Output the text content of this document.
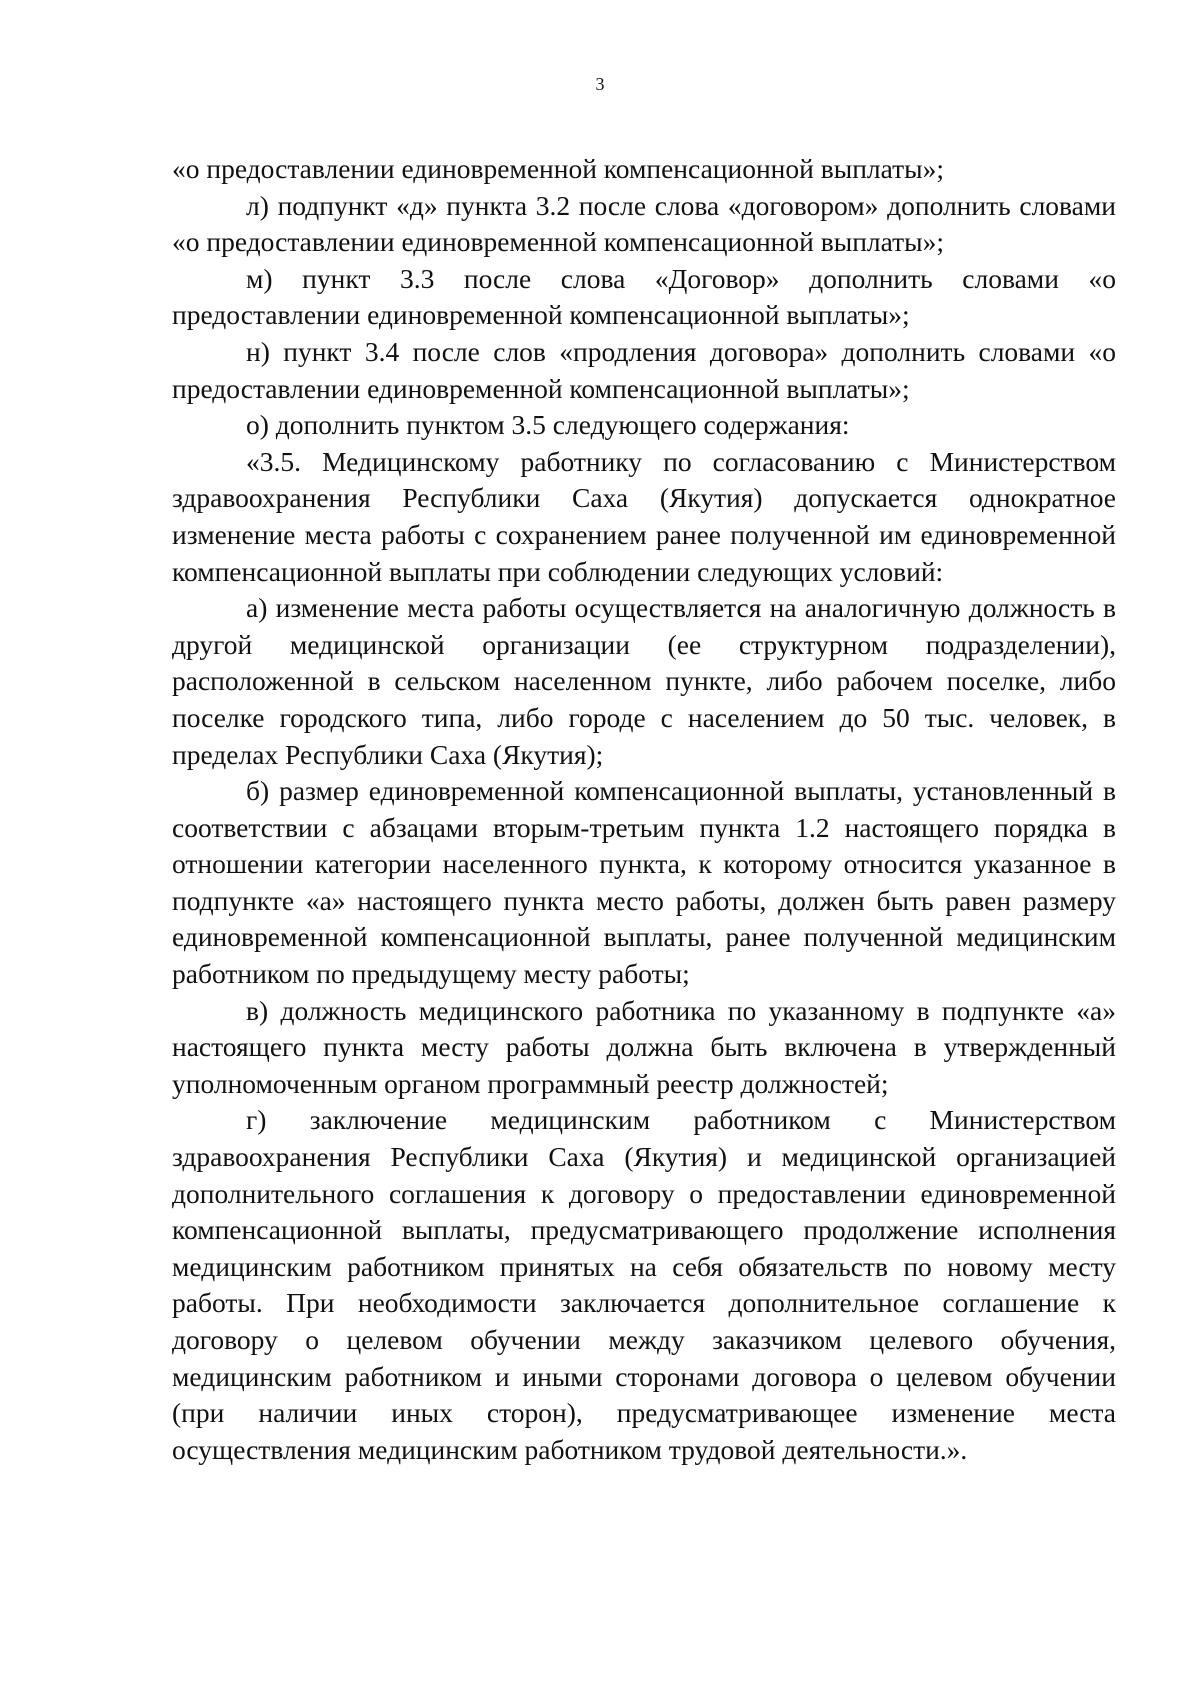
3

«о предоставлении единовременной компенсационной выплаты»;

л) подпункт «д» пункта 3.2 после слова «договором» дополнить словами «о предоставлении единовременной компенсационной выплаты»;

м) пункт 3.3 после слова «Договор» дополнить словами «о предоставлении единовременной компенсационной выплаты»;

н) пункт 3.4 после слов «продления договора» дополнить словами «о предоставлении единовременной компенсационной выплаты»;

о) дополнить пунктом 3.5 следующего содержания:

«3.5. Медицинскому работнику по согласованию с Министерством здравоохранения Республики Саха (Якутия) допускается однократное изменение места работы с сохранением ранее полученной им единовременной компенсационной выплаты при соблюдении следующих условий:

а) изменение места работы осуществляется на аналогичную должность в другой медицинской организации (ее структурном подразделении), расположенной в сельском населенном пункте, либо рабочем поселке, либо поселке городского типа, либо городе с населением до 50 тыс. человек, в пределах Республики Саха (Якутия);

б) размер единовременной компенсационной выплаты, установленный в соответствии с абзацами вторым-третьим пункта 1.2 настоящего порядка в отношении категории населенного пункта, к которому относится указанное в подпункте «а» настоящего пункта место работы, должен быть равен размеру единовременной компенсационной выплаты, ранее полученной медицинским работником по предыдущему месту работы;

в) должность медицинского работника по указанному в подпункте «а» настоящего пункта месту работы должна быть включена в утвержденный уполномоченным органом программный реестр должностей;

г) заключение медицинским работником с Министерством здравоохранения Республики Саха (Якутия) и медицинской организацией дополнительного соглашения к договору о предоставлении единовременной компенсационной выплаты, предусматривающего продолжение исполнения медицинским работником принятых на себя обязательств по новому месту работы. При необходимости заключается дополнительное соглашение к договору о целевом обучении между заказчиком целевого обучения, медицинским работником и иными сторонами договора о целевом обучении (при наличии иных сторон), предусматривающее изменение места осуществления медицинским работником трудовой деятельности.».
